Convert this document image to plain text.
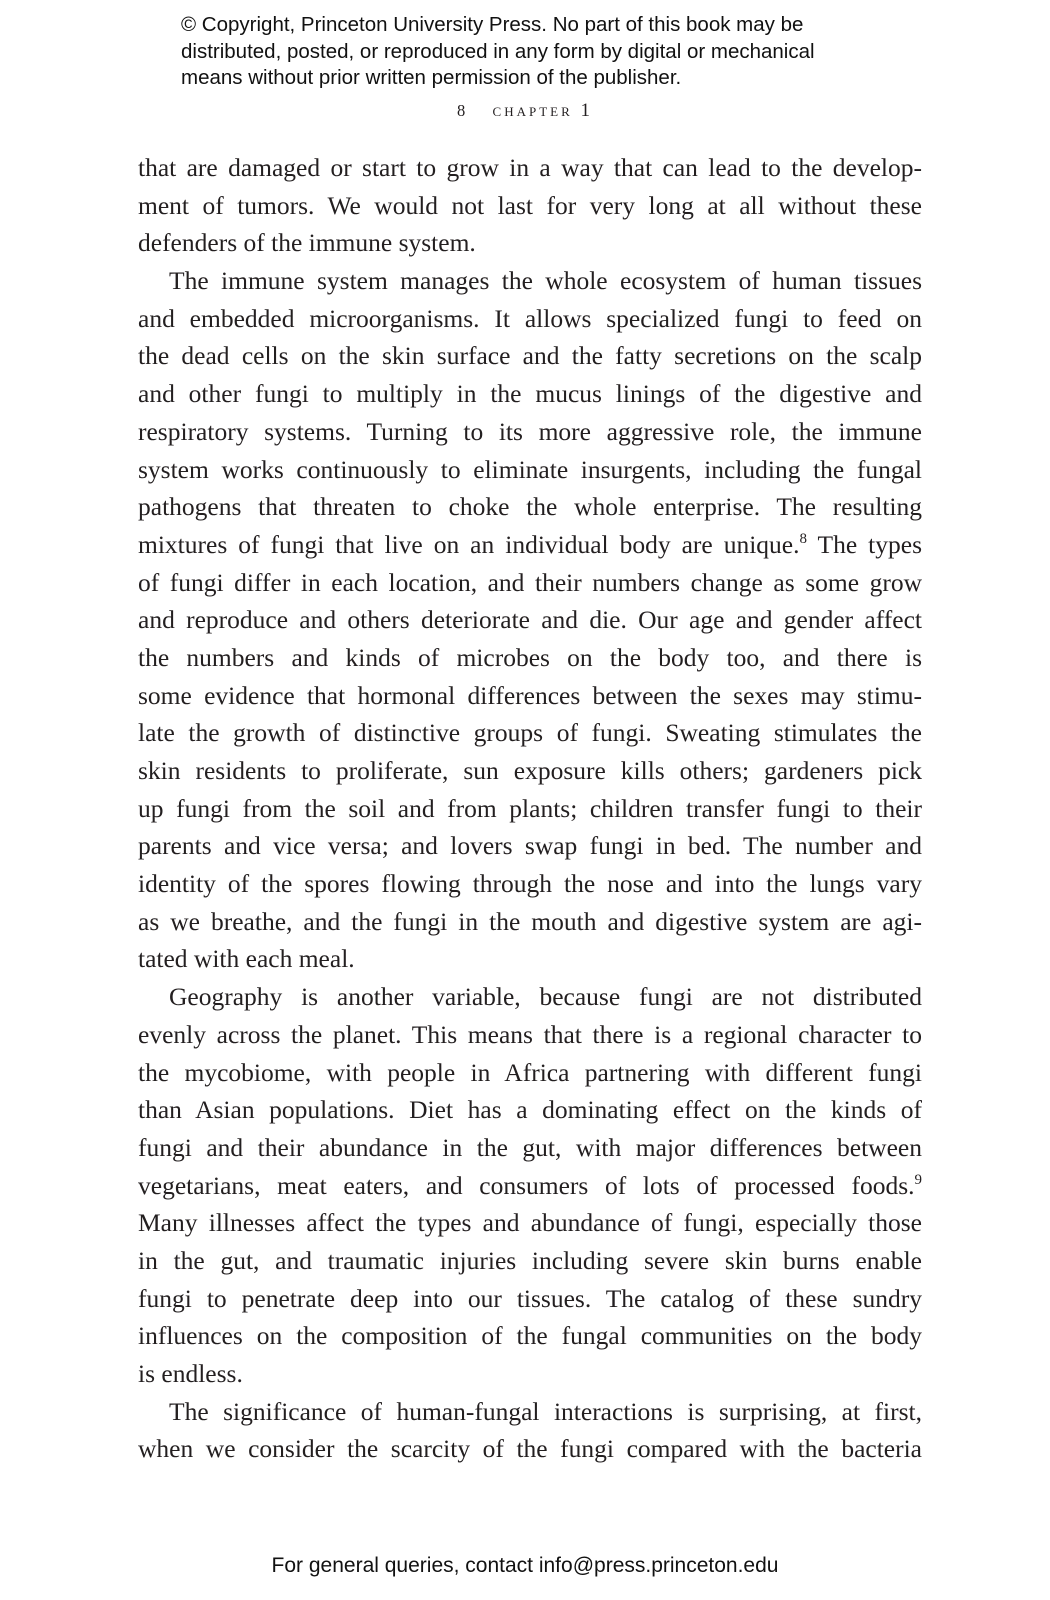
© Copyright, Princeton University Press. No part of this book may be
distributed, posted, or reproduced in any form by digital or mechanical
means without prior written permission of the publisher.
8 chapter 1
that are damaged or start to grow in a way that can lead to the develop-
ment of tumors. We would not last for very long at all without these
defenders of the immune system.
The immune system manages the whole ecosystem of human tissues
and embedded microorganisms. It allows specialized fungi to feed on
the dead cells on the skin surface and the fatty secretions on the scalp
and other fungi to multiply in the mucus linings of the digestive and
respiratory systems. Turning to its more aggressive role, the immune
system works continuously to eliminate insurgents, including the fungal
pathogens that threaten to choke the whole enterprise. The resulting
mixtures of fungi that live on an individual body are unique.$^8$ The types
of fungi differ in each location, and their numbers change as some grow
and reproduce and others deteriorate and die. Our age and gender affect
the numbers and kinds of microbes on the body too, and there is
some evidence that hormonal differences between the sexes may stimu-
late the growth of distinctive groups of fungi. Sweating stimulates the
skin residents to proliferate, sun exposure kills others; gardeners pick
up fungi from the soil and from plants; children transfer fungi to their
parents and vice versa; and lovers swap fungi in bed. The number and
identity of the spores flowing through the nose and into the lungs vary
as we breathe, and the fungi in the mouth and digestive system are agi-
tated with each meal.
Geography is another variable, because fungi are not distributed
evenly across the planet. This means that there is a regional character to
the mycobiome, with people in Africa partnering with different fungi
than Asian populations. Diet has a dominating effect on the kinds of
fungi and their abundance in the gut, with major differences between
vegetarians, meat eaters, and consumers of lots of processed foods.$^9$
Many illnesses affect the types and abundance of fungi, especially those
in the gut, and traumatic injuries including severe skin burns enable
fungi to penetrate deep into our tissues. The catalog of these sundry
influences on the composition of the fungal communities on the body
is endless.
The significance of human-fungal interactions is surprising, at first,
when we consider the scarcity of the fungi compared with the bacteria
For general queries, contact info@press.princeton.edu
